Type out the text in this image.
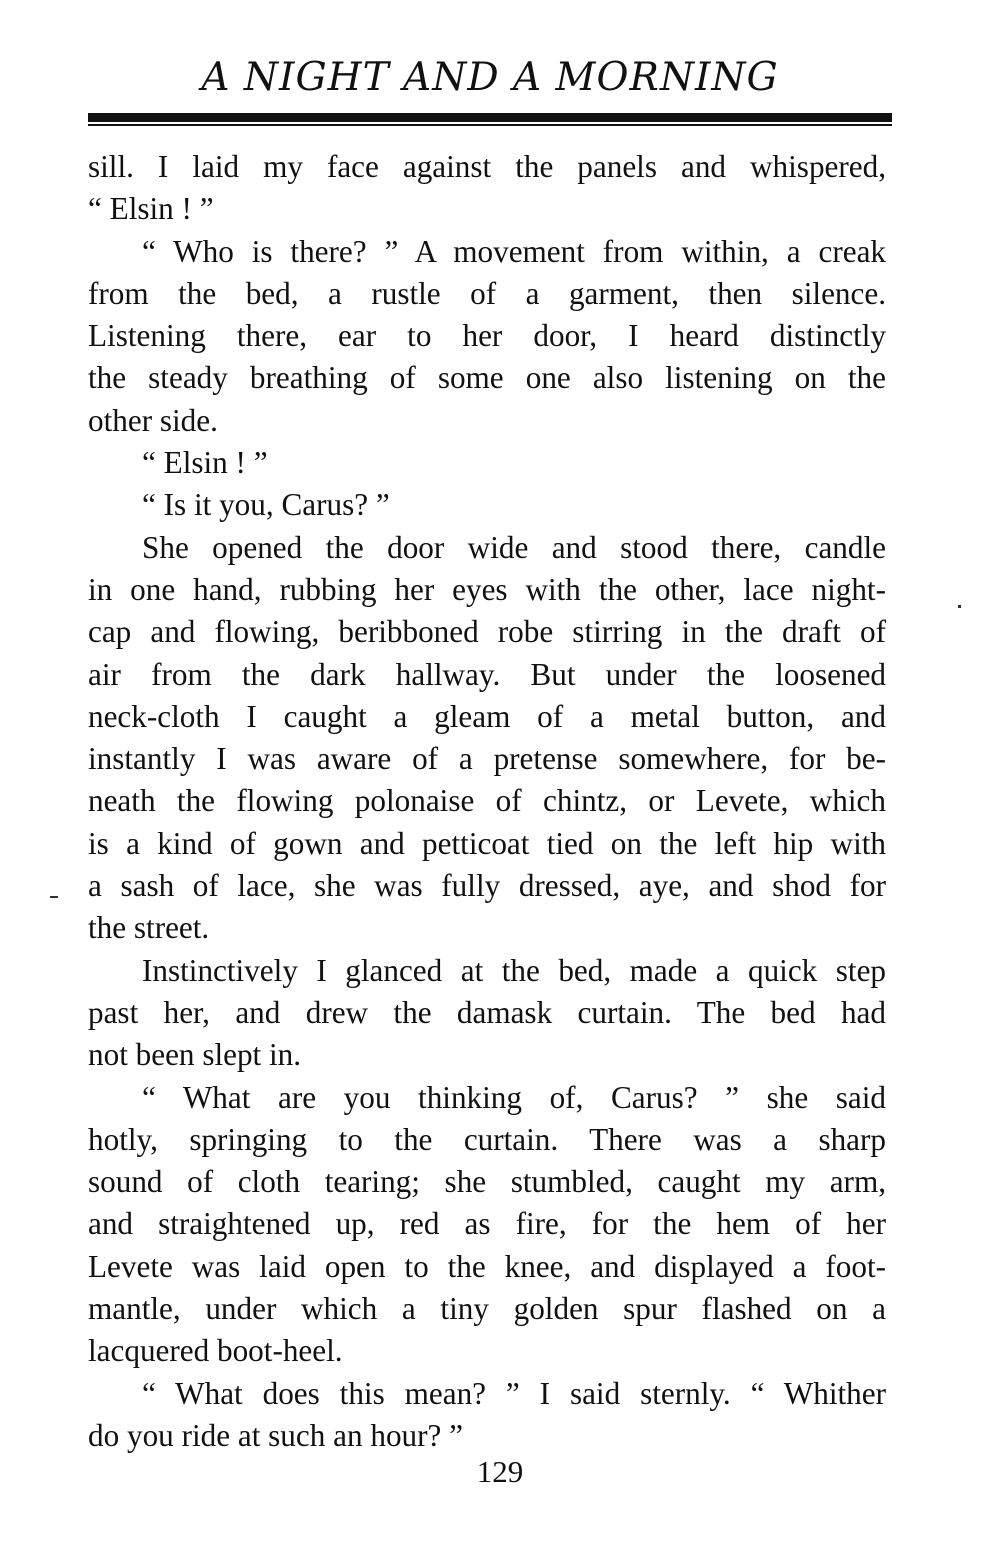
A NIGHT AND A MORNING
sill. I laid my face against the panels and whispered,
“ Elsin ! ”
“ Who is there? ” A movement from within, a creak
from the bed, a rustle of a garment, then silence.
Listening there, ear to her door, I heard distinctly
the steady breathing of some one also listening on the
other side.
“ Elsin ! ”
“ Is it you, Carus? ”
She opened the door wide and stood there, candle
in one hand, rubbing her eyes with the other, lace night-
cap and flowing, beribboned robe stirring in the draft of
air from the dark hallway. But under the loosened
neck-cloth I caught a gleam of a metal button, and
instantly I was aware of a pretense somewhere, for be-
neath the flowing polonaise of chintz, or Levete, which
is a kind of gown and petticoat tied on the left hip with
a sash of lace, she was fully dressed, aye, and shod for
the street.
Instinctively I glanced at the bed, made a quick step
past her, and drew the damask curtain. The bed had
not been slept in.
“ What are you thinking of, Carus? ” she said
hotly, springing to the curtain. There was a sharp
sound of cloth tearing; she stumbled, caught my arm,
and straightened up, red as fire, for the hem of her
Levete was laid open to the knee, and displayed a foot-
mantle, under which a tiny golden spur flashed on a
lacquered boot-heel.
“ What does this mean? ” I said sternly. “ Whither
do you ride at such an hour? ”
129
